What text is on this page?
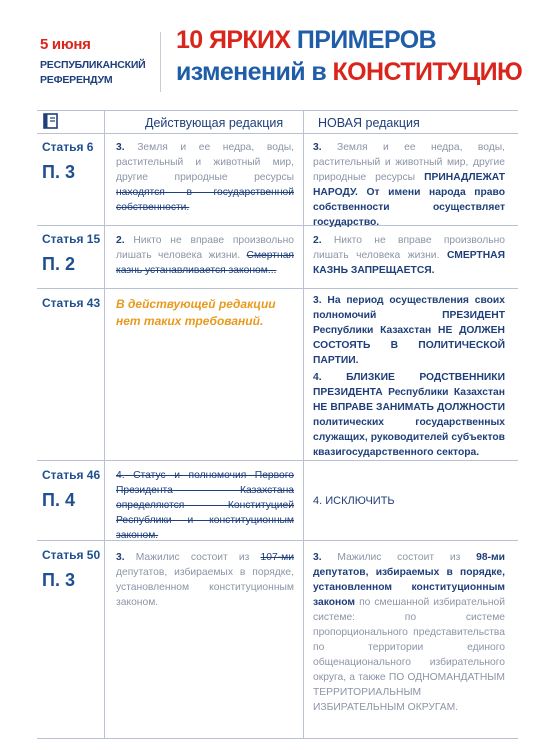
5 июня
РЕСПУБЛИКАНСКИЙ
РЕФЕРЕНДУМ
10 ЯРКИХ ПРИМЕРОВ
изменений в КОНСТИТУЦИЮ
Действующая редакция	НОВАЯ редакция
Статья 6
П. 3
3. Земля и ее недра, воды, растительный и животный мир, другие природные ресурсы находятся в государственной собственности.
3. Земля и ее недра, воды, растительный и животный мир, другие природные ресурсы ПРИНАДЛЕЖАТ НАРОДУ. От имени народа право собственности осуществляет государство.
Статья 15
П. 2
2. Никто не вправе произвольно лишать человека жизни. Смертная казнь устанавливается законом...
2. Никто не вправе произвольно лишать человека жизни. СМЕРТНАЯ КАЗНЬ ЗАПРЕЩАЕТСЯ.
Статья 43 В действующей редакции нет таких требований.
3. На период осуществления своих полномочий ПРЕЗИДЕНТ Республики Казахстан НЕ ДОЛЖЕН СОСТОЯТЬ В ПОЛИТИЧЕСКОЙ ПАРТИИ.
4. БЛИЗКИЕ РОДСТВЕННИКИ ПРЕЗИДЕНТА Республики Казахстан НЕ ВПРАВЕ ЗАНИМАТЬ ДОЛЖНОСТИ политических государственных служащих, руководителей субъектов квазигосударственного сектора.
Статья 46
П. 4
4. Статус и полномочия Первого Президента Казахстана определяются Конституцией Республики и конституционным законом.
4. ИСКЛЮЧИТЬ
Статья 50
П. 3
3. Мажилис состоит из 107-ми депутатов, избираемых в порядке, установленном конституционным законом.
3. Мажилис состоит из 98-ми депутатов, избираемых в порядке, установленном конституционным законом по смешанной избирательной системе: по системе пропорционального представительства по территории единого общенационального избирательного округа, а также ПО ОДНОМАНДАТНЫМ ТЕРРИТОРИАЛЬНЫМ ИЗБИРАТЕЛЬНЫМ ОКРУГАМ.
